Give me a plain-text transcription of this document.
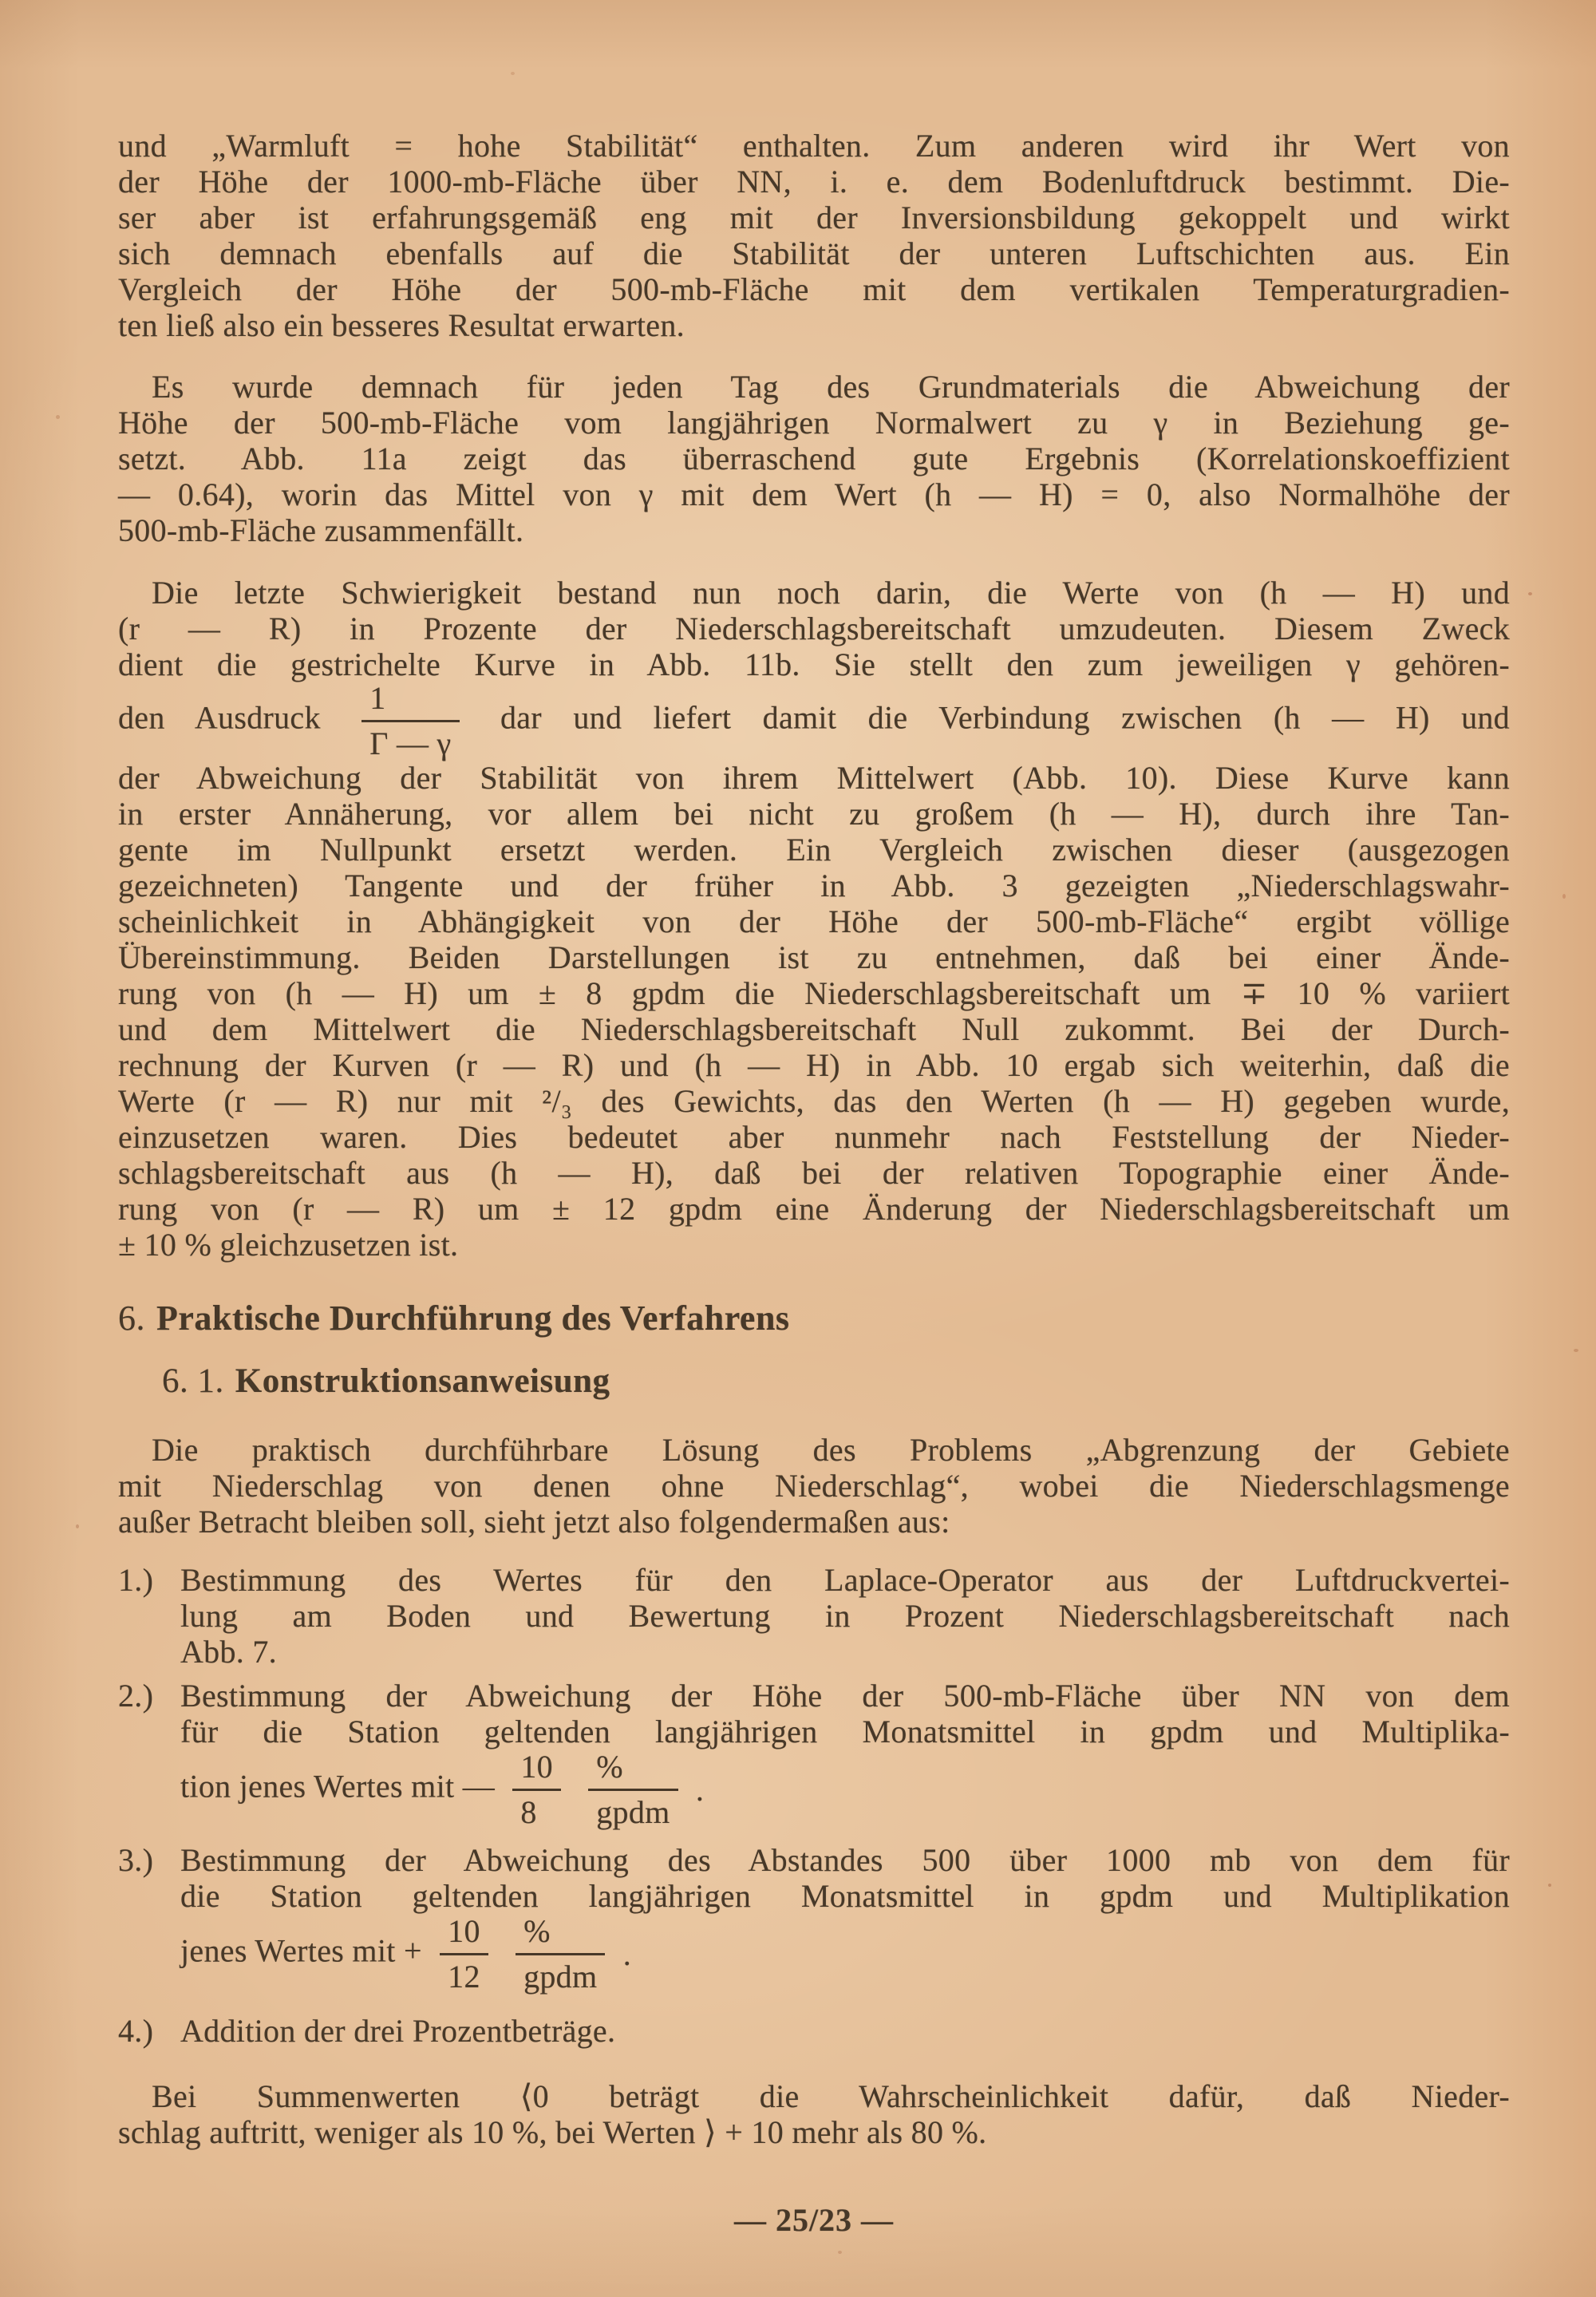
und „Warmluft = hohe Stabilität“ enthalten. Zum anderen wird ihr Wert von
der Höhe der 1000-mb-Fläche über NN, i. e. dem Bodenluftdruck bestimmt. Die-
ser aber ist erfahrungsgemäß eng mit der Inversionsbildung gekoppelt und wirkt
sich demnach ebenfalls auf die Stabilität der unteren Luftschichten aus. Ein
Vergleich der Höhe der 500-mb-Fläche mit dem vertikalen Temperaturgradien-
ten ließ also ein besseres Resultat erwarten.
Es wurde demnach für jeden Tag des Grundmaterials die Abweichung der
Höhe der 500-mb-Fläche vom langjährigen Normalwert zu γ in Beziehung ge-
setzt. Abb. 11a zeigt das überraschend gute Ergebnis (Korrelationskoeffizient
— 0.64), worin das Mittel von γ mit dem Wert (h — H) = 0, also Normalhöhe der
500-mb-Fläche zusammenfällt.
Die letzte Schwierigkeit bestand nun noch darin, die Werte von (h — H) und
(r — R) in Prozente der Niederschlagsbereitschaft umzudeuten. Diesem Zweck
dient die gestrichelte Kurve in Abb. 11b. Sie stellt den zum jeweiligen γ gehören-
den Ausdruck $\frac{1}{\Gamma — \gamma}$ dar und liefert damit die Verbindung zwischen (h — H) und
der Abweichung der Stabilität von ihrem Mittelwert (Abb. 10). Diese Kurve kann
in erster Annäherung, vor allem bei nicht zu großem (h — H), durch ihre Tan-
gente im Nullpunkt ersetzt werden. Ein Vergleich zwischen dieser (ausgezogen
gezeichneten) Tangente und der früher in Abb. 3 gezeigten „Niederschlagswahr-
scheinlichkeit in Abhängigkeit von der Höhe der 500-mb-Fläche“ ergibt völlige
Übereinstimmung. Beiden Darstellungen ist zu entnehmen, daß bei einer Ände-
rung von (h — H) um ± 8 gpdm die Niederschlagsbereitschaft um ∓ 10 % variiert
und dem Mittelwert die Niederschlagsbereitschaft Null zukommt. Bei der Durch-
rechnung der Kurven (r — R) und (h — H) in Abb. 10 ergab sich weiterhin, daß die
Werte (r — R) nur mit ²/₃ des Gewichts, das den Werten (h — H) gegeben wurde,
einzusetzen waren. Dies bedeutet aber nunmehr nach Feststellung der Nieder-
schlagsbereitschaft aus (h — H), daß bei der relativen Topographie einer Ände-
rung von (r — R) um ± 12 gpdm eine Änderung der Niederschlagsbereitschaft um
± 10 % gleichzusetzen ist.
6. Praktische Durchführung des Verfahrens
6. 1. Konstruktionsanweisung
Die praktisch durchführbare Lösung des Problems „Abgrenzung der Gebiete
mit Niederschlag von denen ohne Niederschlag“, wobei die Niederschlagsmenge
außer Betracht bleiben soll, sieht jetzt also folgendermaßen aus:
1.) Bestimmung des Wertes für den Laplace-Operator aus der Luftdruckvertei-
lung am Boden und Bewertung in Prozent Niederschlagsbereitschaft nach
Abb. 7.
2.) Bestimmung der Abweichung der Höhe der 500-mb-Fläche über NN von dem
für die Station geltenden langjährigen Monatsmittel in gpdm und Multiplika-
tion jenes Wertes mit — $\frac{10}{8}$
$\frac{\%}{\text{gpdm}}$ .
3.) Bestimmung der Abweichung des Abstandes 500 über 1000 mb von dem für
die Station geltenden langjährigen Monatsmittel in gpdm und Multiplikation
jenes Wertes mit + $\frac{10}{12}$
$\frac{\%}{\text{gpdm}}$ .
4.) Addition der drei Prozentbeträge.
Bei Summenwerten ⟨0 beträgt die Wahrscheinlichkeit dafür, daß Nieder-
schlag auftritt, weniger als 10 %, bei Werten ⟩ + 10 mehr als 80 %.
— 25/23 —
